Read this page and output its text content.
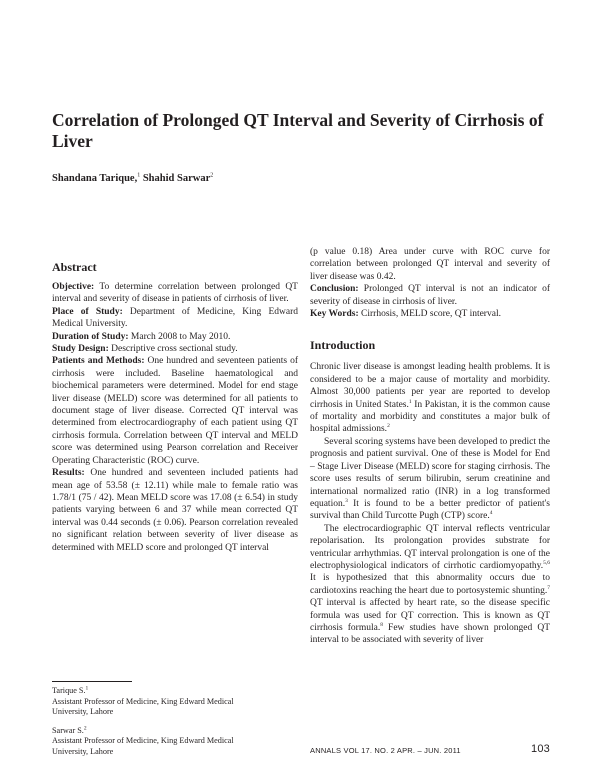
Correlation of Prolonged QT Interval and Severity of Cirrhosis of Liver
Shandana Tarique,$^1$ Shahid Sarwar$^2$
Abstract

Objective: To determine correlation between prolonged QT interval and severity of disease in patients of cirrhosis of liver.

Place of Study: Department of Medicine, King Edward Medical University.

Duration of Study: March 2008 to May 2010.

Study Design: Descriptive cross sectional study.

Patients and Methods: One hundred and seventeen patients of cirrhosis were included. Baseline haematological and biochemical parameters were determined. Model for end stage liver disease (MELD) score was determined for all patients to document stage of liver disease. Corrected QT interval was determined from electrocardiography of each patient using QT cirrhosis formula. Correlation between QT interval and MELD score was determined using Pearson correlation and Receiver Operating Characteristic (ROC) curve.

Results: One hundred and seventeen included patients had mean age of 53.58 (± 12.11) while male to female ratio was 1.78/1 (75 / 42). Mean MELD score was 17.08 (± 6.54) in study patients varying between 6 and 37 while mean corrected QT interval was 0.44 seconds (± 0.06). Pearson correlation revealed no significant relation between severity of liver disease as determined with MELD score and prolonged QT interval

(p value 0.18) Area under curve with ROC curve for correlation between prolonged QT interval and severity of liver disease was 0.42.

Conclusion: Prolonged QT interval is not an indicator of severity of disease in cirrhosis of liver.

Key Words: Cirrhosis, MELD score, QT interval.

Introduction

Chronic liver disease is amongst leading health problems. It is considered to be a major cause of mortality and morbidity. Almost 30,000 patients per year are reported to develop cirrhosis in United States.$^1$ In Pakistan, it is the common cause of mortality and morbidity and constitutes a major bulk of hospital admissions.$^2$

Several scoring systems have been developed to predict the prognosis and patient survival. One of these is Model for End – Stage Liver Disease (MELD) score for staging cirrhosis. The score uses results of serum bilirubin, serum creatinine and international normalized ratio (INR) in a log transformed equation.$^3$ It is found to be a better predictor of patient's survival than Child Turcotte Pugh (CTP) score.$^4$

The electrocardiographic QT interval reflects ventricular repolarisation. Its prolongation provides substrate for ventricular arrhythmias. QT interval prolongation is one of the electrophysiological indicators of cirrhotic cardiomyopathy.$^{5,6}$ It is hypothesized that this abnormality occurs due to cardiotoxins reaching the heart due to portosystemic shunting.$^7$ QT interval is affected by heart rate, so the disease specific formula was used for QT correction. This is known as QT cirrhosis formula.$^8$ Few studies have shown prolonged QT interval to be associated with severity of liver

Tarique S.$^1$

Assistant Professor of Medicine, King Edward Medical

University, Lahore

Sarwar S.$^2$

Assistant Professor of Medicine, King Edward Medical

University, Lahore	ANNALS VOL 17. NO. 2 APR. – JUN. 2011	103
